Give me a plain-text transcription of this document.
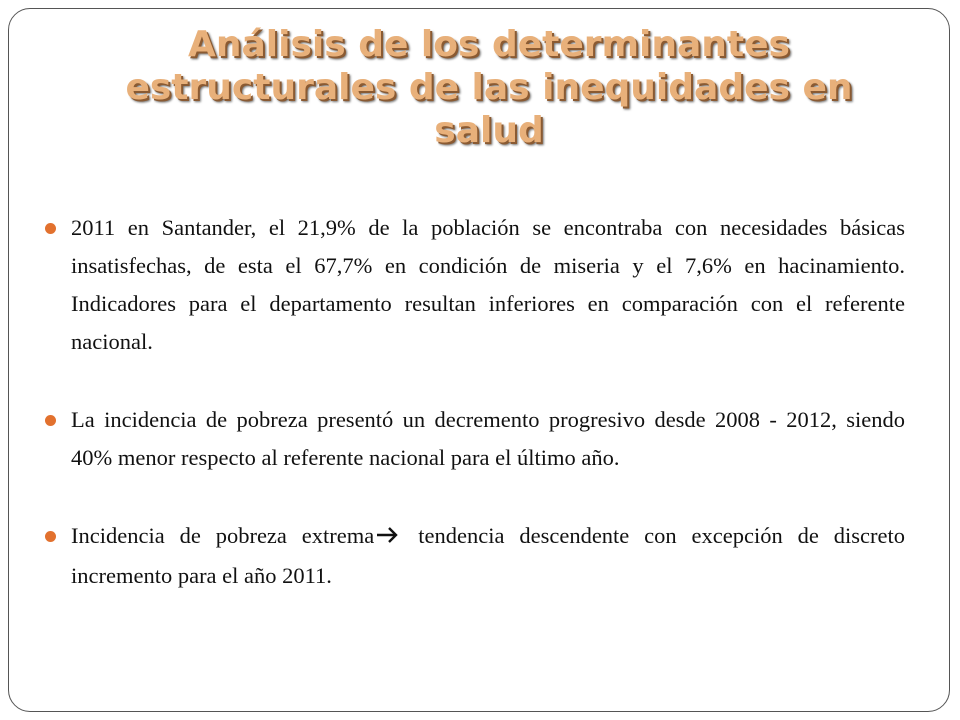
Análisis de los determinantes estructurales de las inequidades en salud
2011 en Santander, el 21,9% de la población se encontraba con necesidades básicas insatisfechas, de esta el 67,7% en condición de miseria y el 7,6% en hacinamiento. Indicadores para el departamento resultan inferiores en comparación con el referente nacional.
La incidencia de pobreza presentó un decremento progresivo desde 2008 - 2012, siendo 40% menor respecto al referente nacional para el último año.
Incidencia de pobreza extrema tendencia descendente con excepción de discreto incremento para el año 2011.
